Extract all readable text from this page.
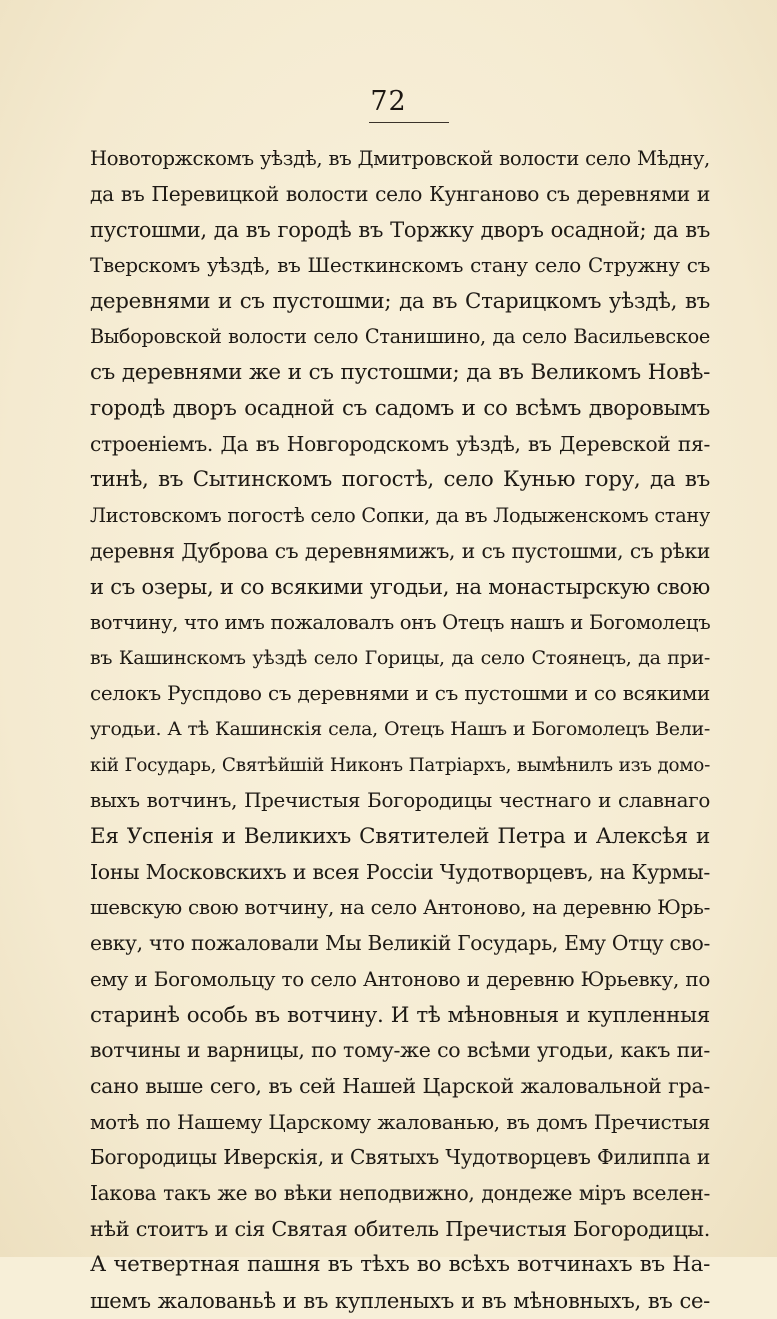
72
Новоторжскомъ уѣздѣ, въ Дмитровской волости село Мѣдну,
да въ Перевицкой волости село Кунганово съ деревнями и
пустошми, да въ городѣ въ Торжку дворъ осадной; да въ
Тверскомъ уѣздѣ, въ Шесткинскомъ стану село Стружну съ
деревнями и съ пустошми; да въ Старицкомъ уѣздѣ, въ
Выборовской волости село Станишино, да село Васильевское
съ деревнями же и съ пустошми; да въ Великомъ Новѣ-
городѣ дворъ осадной съ садомъ и со всѣмъ дворовымъ
строеніемъ. Да въ Новгородскомъ уѣздѣ, въ Деревской пя-
тинѣ, въ Сытинскомъ погостѣ, село Кунью гору, да въ
Листовскомъ погостѣ село Сопки, да въ Лодыженскомъ стану
деревня Дуброва съ деревнямижъ, и съ пустошми, съ рѣки
и съ озеры, и со всякими угодьи, на монастырскую свою
вотчину, что имъ пожаловалъ онъ Отецъ нашъ и Богомолецъ
въ Кашинскомъ уѣздѣ село Горицы, да село Стоянецъ, да при-
селокъ Руспдово съ деревнями и съ пустошми и со всякими
угодьи. А тѣ Кашинскія села, Отецъ Нашъ и Богомолецъ Вели-
кій Государь, Святѣйшій Никонъ Патріархъ, вымѣнилъ изъ домо-
выхъ вотчинъ, Пречистыя Богородицы честнаго и славнаго
Ея Успенія и Великихъ Святителей Петра и Алексѣя и
Іоны Московскихъ и всея Россіи Чудотворцевъ, на Курмы-
шевскую свою вотчину, на село Антоново, на деревню Юрь-
евку, что пожаловали Мы Великій Государь, Ему Отцу сво-
ему и Богомольцу то село Антоново и деревню Юрьевку, по
старинѣ особь въ вотчину. И тѣ мѣновныя и купленныя
вотчины и варницы, по тому-же со всѣми угодьи, какъ пи-
сано выше сего, въ сей Нашей Царской жаловальной гра-
мотѣ по Нашему Царскому жалованью, въ домъ Пречистыя
Богородицы Иверскія, и Святыхъ Чудотворцевъ Филиппа и
Іакова такъ же во вѣки неподвижно, дондеже міръ вселен-
нѣй стоитъ и сія Святая обитель Пречистыя Богородицы.
А четвертная пашня въ тѣхъ во всѣхъ вотчинахъ въ На-
шемъ жалованьѣ и въ купленыхъ и въ мѣновныхъ, въ се-
